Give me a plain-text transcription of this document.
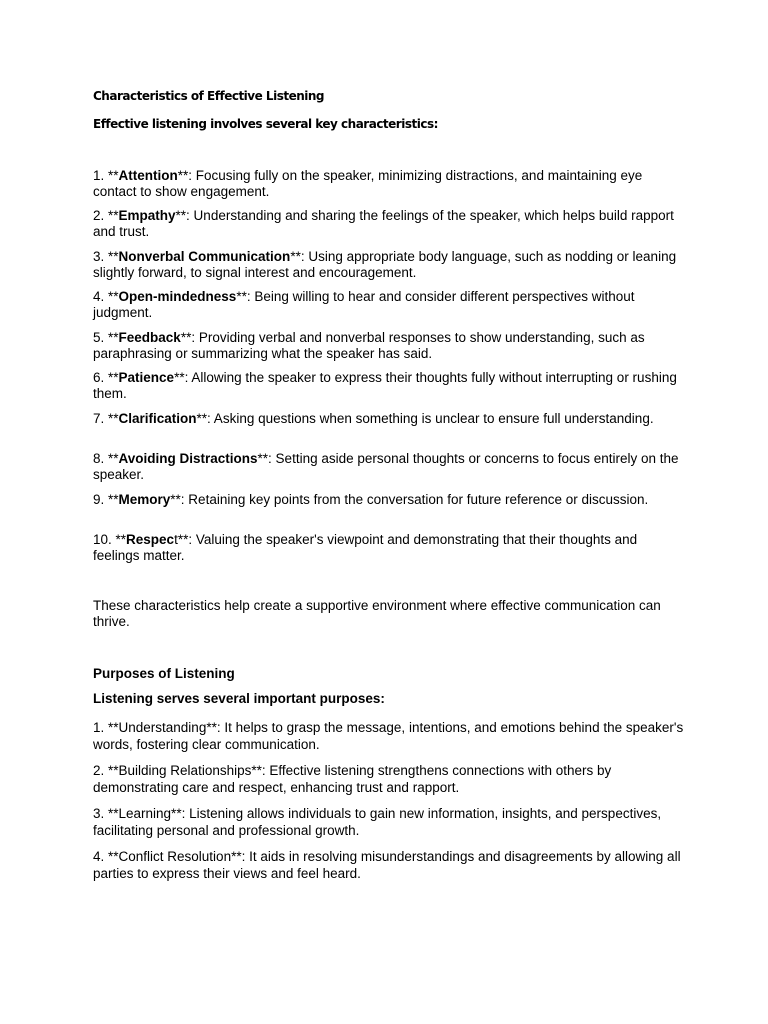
Characteristics of Effective Listening

Effective listening involves several key characteristics:

1. **Attention**: Focusing fully on the speaker, minimizing distractions, and maintaining eye contact to show engagement.

2. **Empathy**: Understanding and sharing the feelings of the speaker, which helps build rapport and trust.

3. **Nonverbal Communication**: Using appropriate body language, such as nodding or leaning slightly forward, to signal interest and encouragement.

4. **Open-mindedness**: Being willing to hear and consider different perspectives without judgment.

5. **Feedback**: Providing verbal and nonverbal responses to show understanding, such as paraphrasing or summarizing what the speaker has said.

6. **Patience**: Allowing the speaker to express their thoughts fully without interrupting or rushing them.

7. **Clarification**: Asking questions when something is unclear to ensure full understanding.

8. **Avoiding Distractions**: Setting aside personal thoughts or concerns to focus entirely on the speaker.

9. **Memory**: Retaining key points from the conversation for future reference or discussion.

10. **Respect**: Valuing the speaker's viewpoint and demonstrating that their thoughts and feelings matter.

These characteristics help create a supportive environment where effective communication can thrive.

Purposes of Listening

Listening serves several important purposes:

1. **Understanding**: It helps to grasp the message, intentions, and emotions behind the speaker's words, fostering clear communication.

2. **Building Relationships**: Effective listening strengthens connections with others by demonstrating care and respect, enhancing trust and rapport.

3. **Learning**: Listening allows individuals to gain new information, insights, and perspectives, facilitating personal and professional growth.

4. **Conflict Resolution**: It aids in resolving misunderstandings and disagreements by allowing all parties to express their views and feel heard.
